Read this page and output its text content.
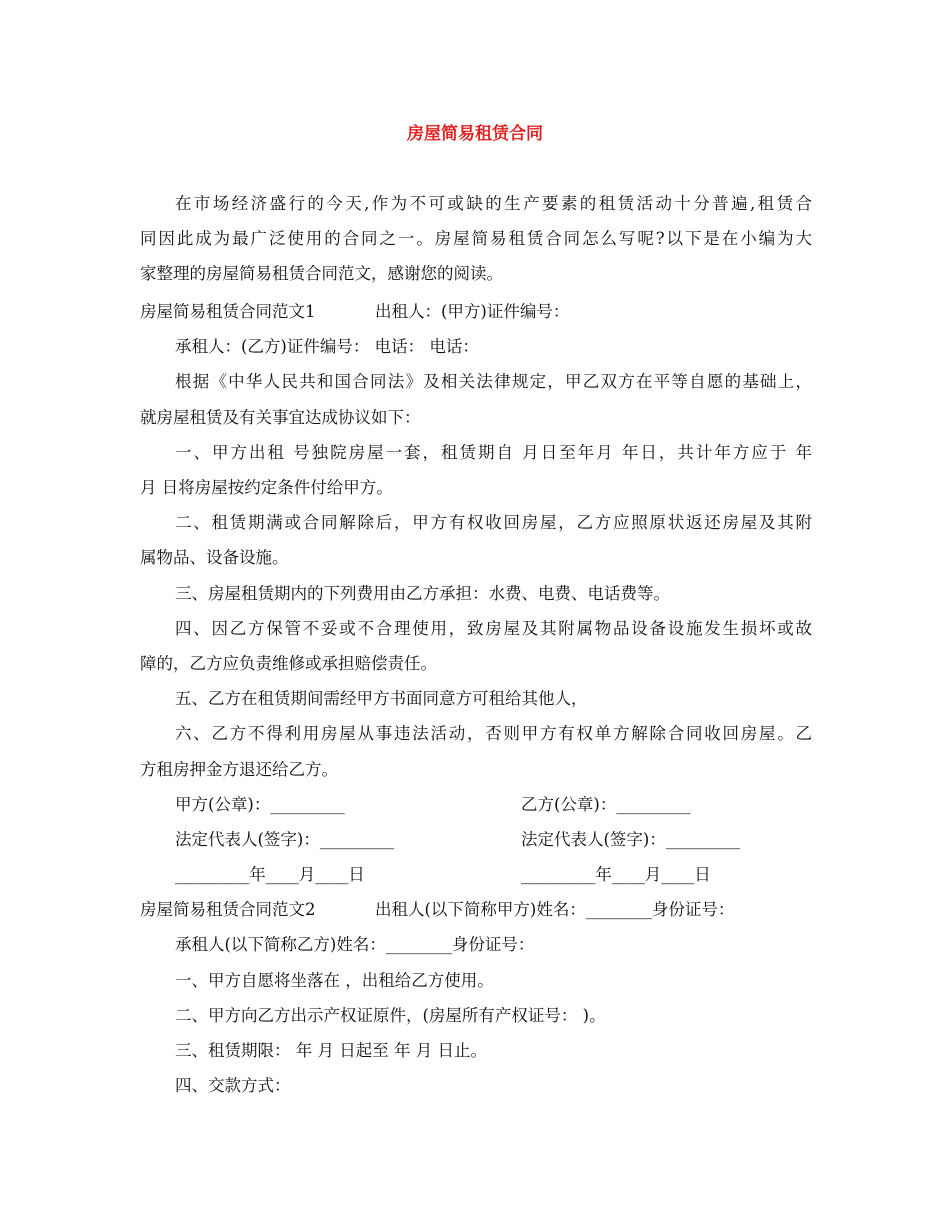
房屋简易租赁合同
在市场经济盛行的今天,作为不可或缺的生产要素的租赁活动十分普遍,租赁合
同因此成为最广泛使用的合同之一。房屋简易租赁合同怎么写呢?以下是在小编为大
家整理的房屋简易租赁合同范文，感谢您的阅读。
房屋简易租赁合同范文1	出租人：(甲方)证件编号：
承租人：(乙方)证件编号： 电话： 电话：
根据《中华人民共和国合同法》及相关法律规定，甲乙双方在平等自愿的基础上，
就房屋租赁及有关事宜达成协议如下：
一、甲方出租 号独院房屋一套，租赁期自 月日至年月 年日，共计年方应于 年
月 日将房屋按约定条件付给甲方。
二、租赁期满或合同解除后，甲方有权收回房屋，乙方应照原状返还房屋及其附
属物品、设备设施。
三、房屋租赁期内的下列费用由乙方承担：水费、电费、电话费等。
四、因乙方保管不妥或不合理使用，致房屋及其附属物品设备设施发生损坏或故
障的，乙方应负责维修或承担赔偿责任。
五、乙方在租赁期间需经甲方书面同意方可租给其他人，
六、乙方不得利用房屋从事违法活动，否则甲方有权单方解除合同收回房屋。乙
方租房押金方退还给乙方。
甲方(公章)：_________	乙方(公章)：_________
法定代表人(签字)：_________	法定代表人(签字)：_________
_________年____月____日	_________年____月____日
房屋简易租赁合同范文2	出租人(以下简称甲方)姓名：________身份证号：
承租人(以下简称乙方)姓名：________身份证号：
一、甲方自愿将坐落在 ，出租给乙方使用。
二、甲方向乙方出示产权证原件，(房屋所有产权证号： )。
三、租赁期限： 年 月 日起至 年 月 日止。
四、交款方式：
